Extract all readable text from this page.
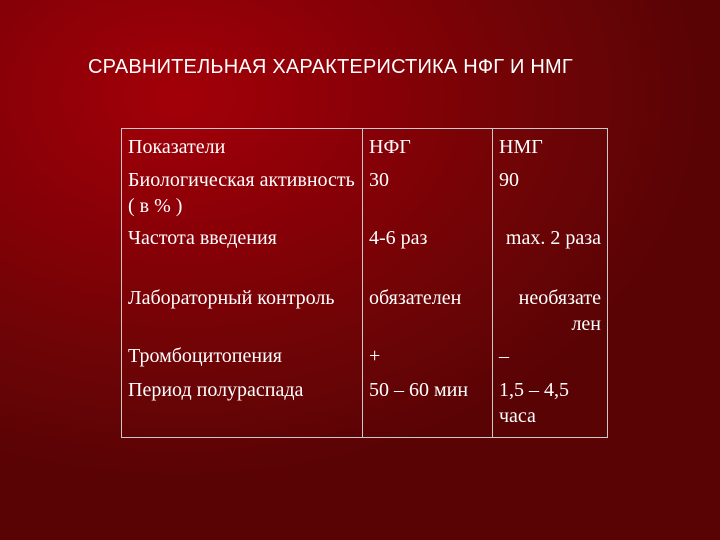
СРАВНИТЕЛЬНАЯ ХАРАКТЕРИСТИКА НФГ И НМГ
Показатели	НФГ	НМГ
Биологическая активность ( в % )	30	90
Частота введения	4-6 раз	max. 2 раза
Лабораторный контроль	обязателен	необязате лен
Тромбоцитопения	+	–
Период полураспада	50 – 60 мин	1,5 – 4,5 часа
